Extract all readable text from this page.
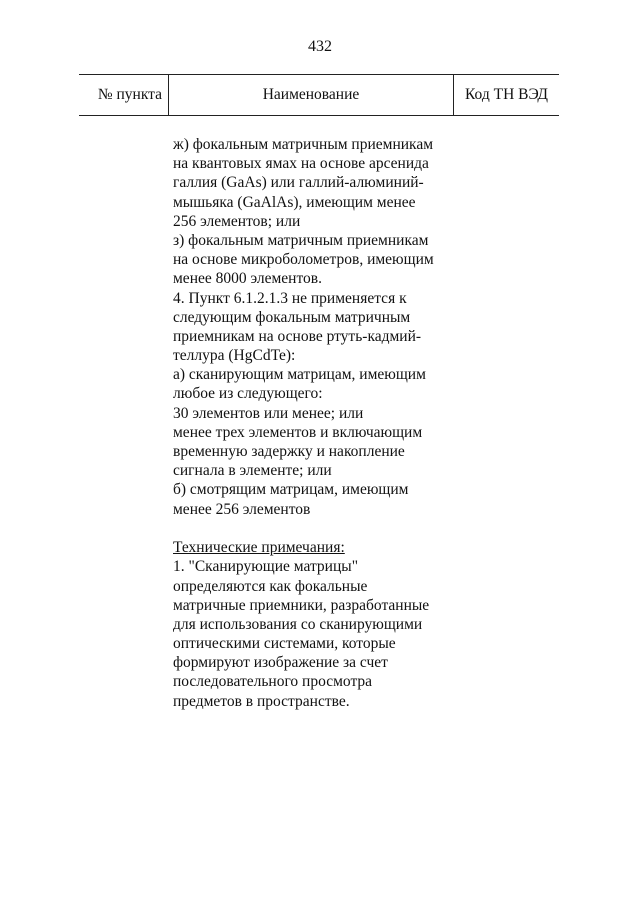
432
№ пункта	Наименование	Код ТН ВЭД
ж) фокальным матричным приемникам
на квантовых ямах на основе арсенида
галлия (GaAs) или галлий-алюминий-
мышьяка (GaAlAs), имеющим менее
256 элементов; или
з) фокальным матричным приемникам
на основе микроболометров, имеющим
менее 8000 элементов.
4. Пункт 6.1.2.1.3 не применяется к
следующим фокальным матричным
приемникам на основе ртуть-кадмий-
теллура (HgCdTe):
а) сканирующим матрицам, имеющим
любое из следующего:
30 элементов или менее; или
менее трех элементов и включающим
временную задержку и накопление
сигнала в элементе; или
б) смотрящим матрицам, имеющим
менее 256 элементов
Технические примечания:
1. "Сканирующие матрицы"
определяются как фокальные
матричные приемники, разработанные
для использования со сканирующими
оптическими системами, которые
формируют изображение за счет
последовательного просмотра
предметов в пространстве.
